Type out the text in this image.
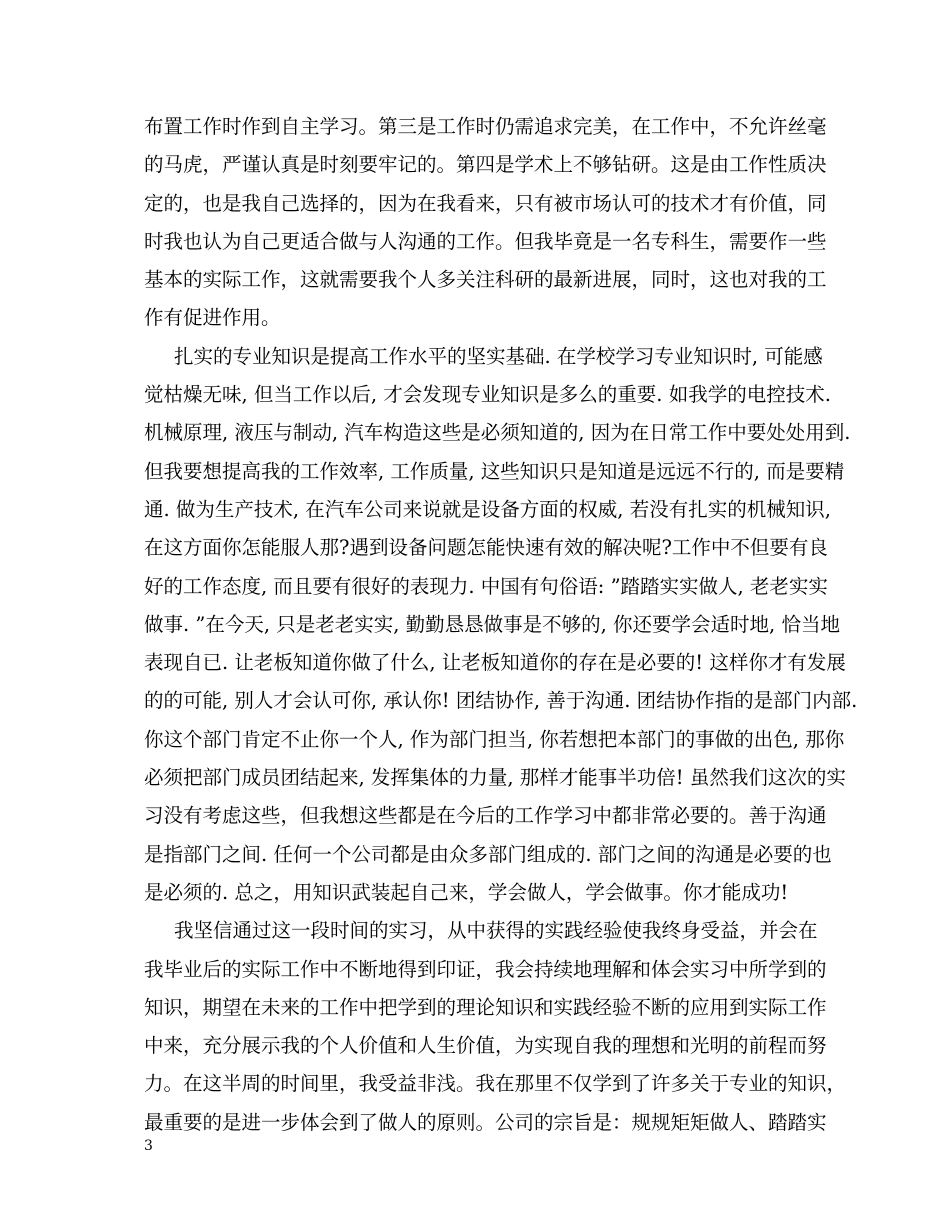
布置工作时作到自主学习。第三是工作时仍需追求完美，在工作中，不允许丝毫
的马虎，严谨认真是时刻要牢记的。第四是学术上不够钻研。这是由工作性质决
定的，也是我自己选择的，因为在我看来，只有被市场认可的技术才有价值，同
时我也认为自己更适合做与人沟通的工作。但我毕竟是一名专科生，需要作一些
基本的实际工作，这就需要我个人多关注科研的最新进展，同时，这也对我的工
作有促进作用。
扎实的专业知识是提高工作水平的坚实基础. 在学校学习专业知识时, 可能感
觉枯燥无味, 但当工作以后, 才会发现专业知识是多么的重要. 如我学的电控技术.
机械原理, 液压与制动, 汽车构造这些是必须知道的, 因为在日常工作中要处处用到.
但我要想提高我的工作效率, 工作质量, 这些知识只是知道是远远不行的, 而是要精
通. 做为生产技术, 在汽车公司来说就是设备方面的权威, 若没有扎实的机械知识,
在这方面你怎能服人那?遇到设备问题怎能快速有效的解决呢?工作中不但要有良
好的工作态度, 而且要有很好的表现力. 中国有句俗语: ”踏踏实实做人, 老老实实
做事. ”在今天, 只是老老实实, 勤勤恳恳做事是不够的, 你还要学会适时地, 恰当地
表现自已. 让老板知道你做了什么, 让老板知道你的存在是必要的! 这样你才有发展
的的可能, 别人才会认可你, 承认你! 团结协作, 善于沟通. 团结协作指的是部门内部.
你这个部门肯定不止你一个人, 作为部门担当, 你若想把本部门的事做的出色, 那你
必须把部门成员团结起来, 发挥集体的力量, 那样才能事半功倍! 虽然我们这次的实
习没有考虑这些，但我想这些都是在今后的工作学习中都非常必要的。善于沟通
是指部门之间. 任何一个公司都是由众多部门组成的. 部门之间的沟通是必要的也
是必须的. 总之，用知识武装起自己来，学会做人，学会做事。你才能成功!
我坚信通过这一段时间的实习，从中获得的实践经验使我终身受益，并会在
我毕业后的实际工作中不断地得到印证，我会持续地理解和体会实习中所学到的
知识，期望在未来的工作中把学到的理论知识和实践经验不断的应用到实际工作
中来，充分展示我的个人价值和人生价值，为实现自我的理想和光明的前程而努
力。在这半周的时间里，我受益非浅。我在那里不仅学到了许多关于专业的知识，
最重要的是进一步体会到了做人的原则。公司的宗旨是：规规矩矩做人、踏踏实
3
